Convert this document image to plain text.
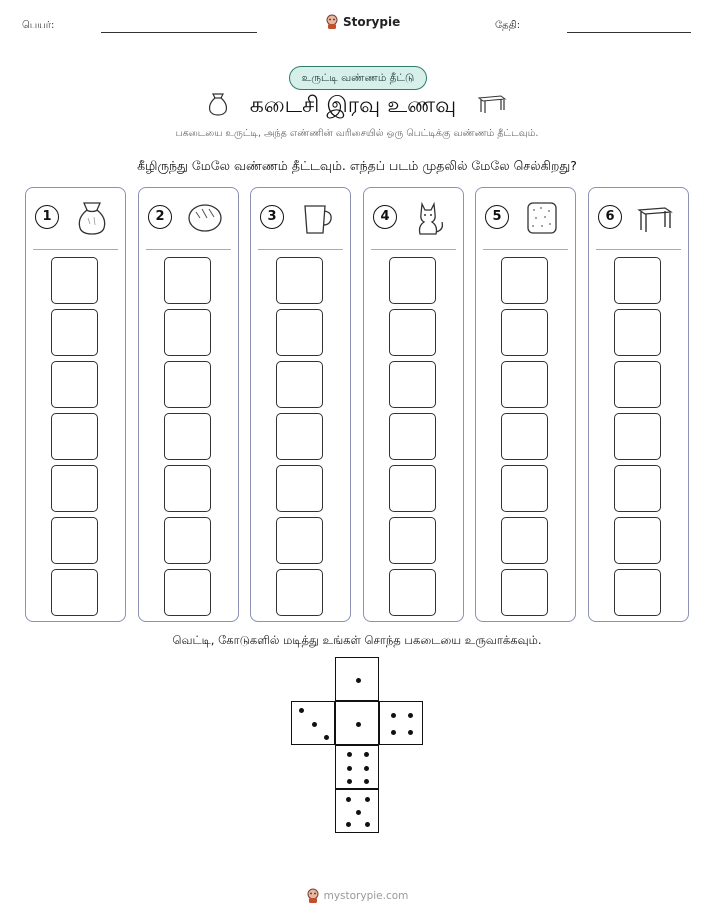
பெயர்:	Storypie	தேதி:
உருட்டி வண்ணம் தீட்டு
கடைசி இரவு உணவு
பகடையை உருட்டி, அந்த எண்ணின் வரிசையில் ஒரு பெட்டிக்கு வண்ணம் தீட்டவும்.
கீழிருந்து மேலே வண்ணம் தீட்டவும். எந்தப் படம் முதலில் மேலே செல்கிறது?
1	2	3	4	5	6
வெட்டி, கோடுகளில் மடித்து உங்கள் சொந்த பகடையை உருவாக்கவும்.
mystorypie.com
